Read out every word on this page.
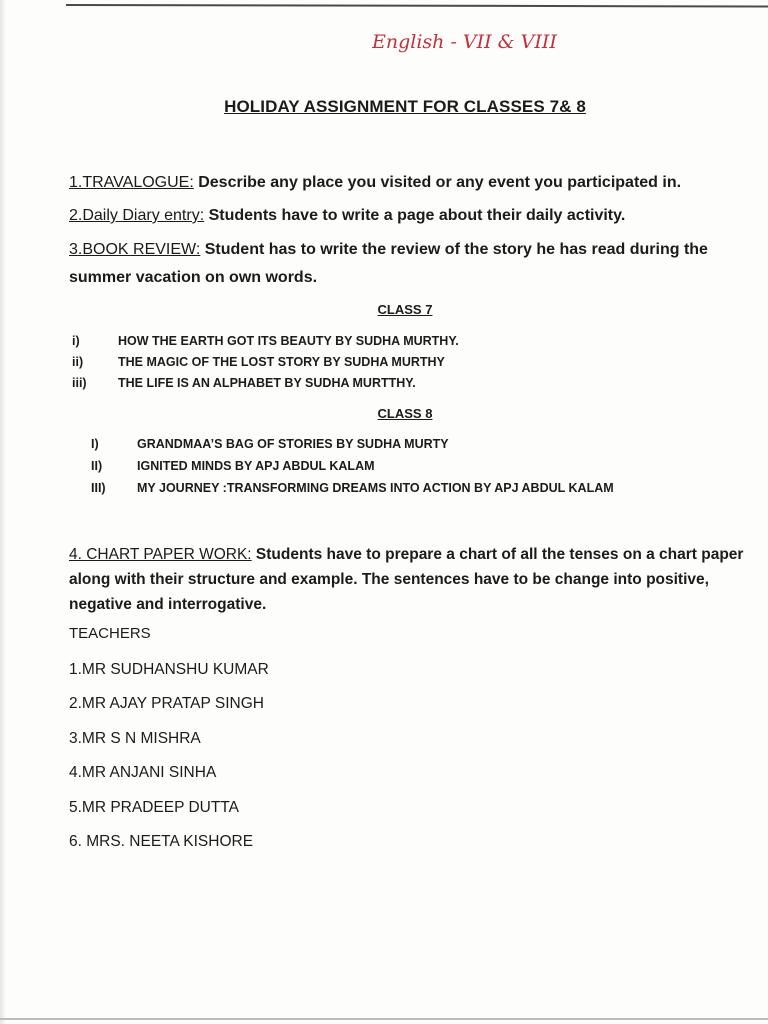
English - VII & VIII
HOLIDAY ASSIGNMENT FOR CLASSES 7& 8
1.TRAVALOGUE: Describe any place you visited or any event you participated in.
2.Daily Diary entry: Students have to write a page about their daily activity.
3.BOOK REVIEW: Student has to write the review of the story he has read during the summer vacation on own words.
CLASS 7
i)	HOW THE EARTH GOT ITS BEAUTY BY SUDHA MURTHY.
ii)	THE MAGIC OF THE LOST STORY BY SUDHA MURTHY
iii)	THE LIFE IS AN ALPHABET BY SUDHA MURTTHY.
CLASS 8
I)	GRANDMAA’S BAG OF STORIES BY SUDHA MURTY
II)	IGNITED MINDS BY APJ ABDUL KALAM
III)	MY JOURNEY :TRANSFORMING DREAMS INTO ACTION BY APJ ABDUL KALAM
4. CHART PAPER WORK: Students have to prepare a chart of all the tenses on a chart paper along with their structure and example. The sentences have to be change into positive, negative and interrogative.
TEACHERS
1.MR SUDHANSHU KUMAR
2.MR AJAY PRATAP SINGH
3.MR S N MISHRA
4.MR ANJANI SINHA
5.MR PRADEEP DUTTA
6. MRS. NEETA KISHORE
